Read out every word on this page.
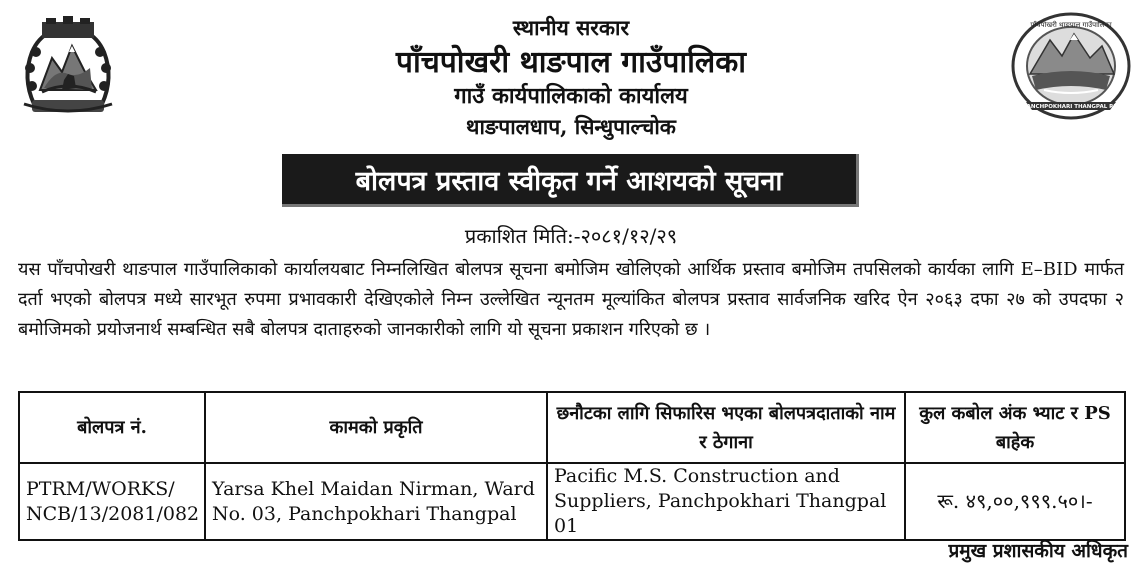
पाँचपोखरी थाङपाल गाउँपालिका
PANCHPOKHARI THANGPAL RM
स्थानीय सरकार
पाँचपोखरी थाङपाल गाउँपालिका
गाउँ कार्यपालिकाको कार्यालय
थाङपालधाप, सिन्धुपाल्चोक
बोलपत्र प्रस्ताव स्वीकृत गर्ने आशयको सूचना
प्रकाशित मिति:-२०८१/१२/२९
यस पाँचपोखरी थाङपाल गाउँपालिकाको कार्यालयबाट निम्नलिखित बोलपत्र सूचना बमोजिम खोलिएको आर्थिक प्रस्ताव बमोजिम तपसिलको कार्यका लागि E–BID मार्फत दर्ता भएको बोलपत्र मध्ये सारभूत रुपमा प्रभावकारी देखिएकोले निम्न उल्लेखित न्यूनतम मूल्यांकित बोलपत्र प्रस्ताव सार्वजनिक खरिद ऐन २०६३ दफा २७ को उपदफा २ बमोजिमको प्रयोजनार्थ सम्बन्धित सबै बोलपत्र दाताहरुको जानकारीको लागि यो सूचना प्रकाशन गरिएको छ ।
बोलपत्र नं.	कामको प्रकृति	छनौटका लागि सिफारिस भएका बोलपत्रदाताको नाम र ठेगाना	कुल कबोल अंक भ्याट र PS बाहेक
PTRM/WORKS/ NCB/13/2081/082	Yarsa Khel Maidan Nirman, Ward No. 03, Panchpokhari Thangpal	Pacific M.S. Construction and Suppliers, Panchpokhari Thangpal 01	रू. ४९,००,९९९.५०।-
प्रमुख प्रशासकीय अधिकृत
